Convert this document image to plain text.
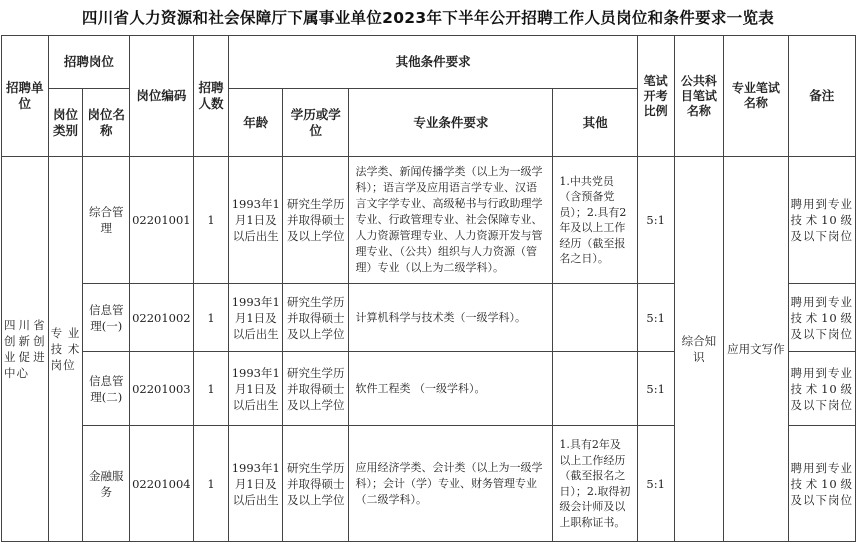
四川省人力资源和社会保障厅下属事业单位2023年下半年公开招聘工作人员岗位和条件要求一览表
招聘单位	招聘岗位		岗位编码	招聘人数	其他条件要求				笔试开考比例	公共科目笔试名称	专业笔试名称	备注

	岗位类别	岗位名称			年龄	学历或学位	专业条件要求	其他				
四川省创新创业促进中心	专业技术岗位	综合管理	02201001	1	1993年1月1日及以后出生	研究生学历并取得硕士及以上学位	法学类、新闻传播学类（以上为一级学科）；语言学及应用语言学专业、汉语言文字学专业、高级秘书与行政助理学专业、行政管理专业、社会保障专业、人力资源管理专业、人力资源开发与管理专业、（公共）组织与人力资源（管理）专业（以上为二级学科）。	1.中共党员（含预备党员）；2.具有2年及以上工作经历（截至报名之日）。	5:1	综合知识	应用文写作	聘用到专业技术10级及以下岗位
		信息管理(一)	02201002	1	1993年1月1日及以后出生	研究生学历并取得硕士及以上学位	计算机科学与技术类（一级学科）。		5:1			聘用到专业技术10级及以下岗位
		信息管理(二)	02201003	1	1993年1月1日及以后出生	研究生学历并取得硕士及以上学位	软件工程类 （一级学科）。		5:1			聘用到专业技术10级及以下岗位
		金融服务	02201004	1	1993年1月1日及以后出生	研究生学历并取得硕士及以上学位	应用经济学类、会计类（以上为一级学科）；会计（学）专业、财务管理专业（二级学科）。	1.具有2年及以上工作经历（截至报名之日）；2.取得初级会计师及以上职称证书。	5:1			聘用到专业技术10级及以下岗位
